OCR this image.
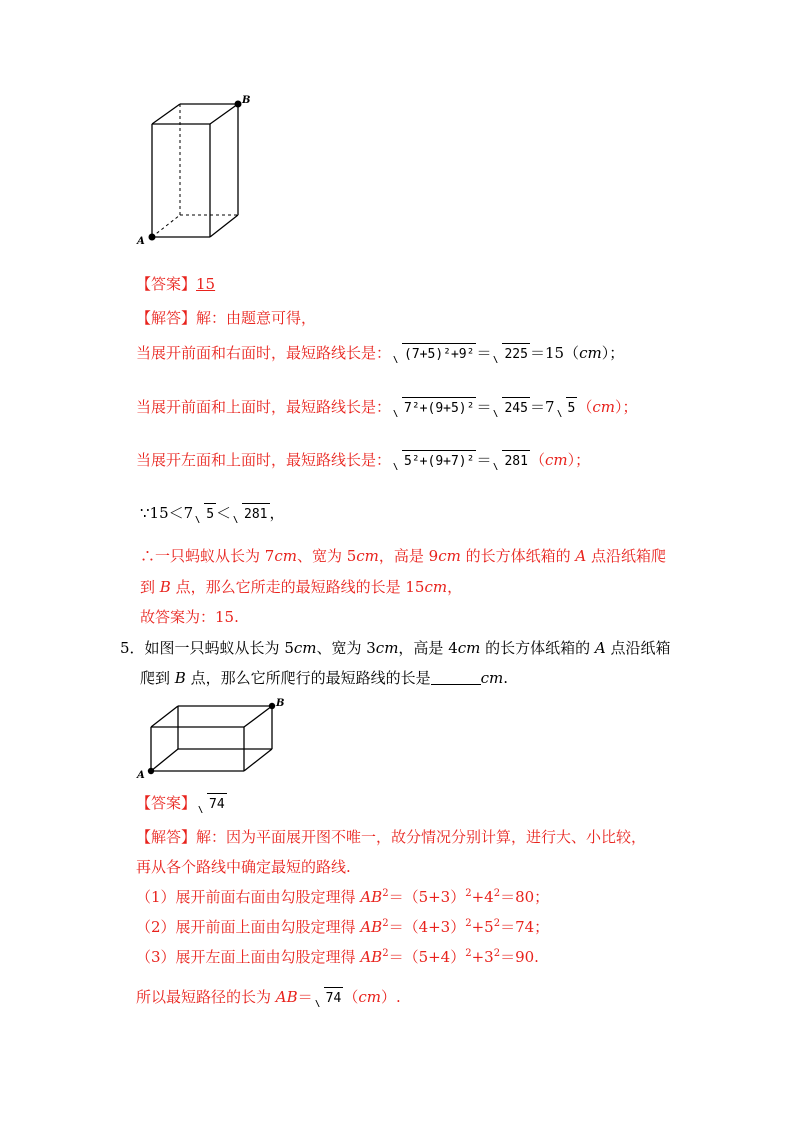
A
B
【答案】15
【解答】解：由题意可得，
当展开前面和右面时，最短路线长是： (7+5)²+9² ＝ 225 ＝15（cm）；
当展开前面和上面时，最短路线长是： 7²+(9+5)² ＝ 245 ＝7 5 （cm）；
当展开左面和上面时，最短路线长是： 5²+(9+7)² ＝ 281 （cm）；
∵15＜7 5 ＜ 281 ，
∴一只蚂蚁从长为 7cm、宽为 5cm，高是 9cm 的长方体纸箱的 A 点沿纸箱爬
到 B 点，那么它所走的最短路线的长是 15cm，
故答案为：15.
5．如图一只蚂蚁从长为 5cm、宽为 3cm，高是 4cm 的长方体纸箱的 A 点沿纸箱
爬到 B 点，那么它所爬行的最短路线的长是	cm.
A
B
【答案】 74
【解答】解：因为平面展开图不唯一，故分情况分别计算，进行大、小比较，
再从各个路线中确定最短的路线.
（1）展开前面右面由勾股定理得 $AB^2=(5+3)^2+4^2=80$；
（2）展开前面上面由勾股定理得 $AB^2=(4+3)^2+5^2=74$；
（3）展开左面上面由勾股定理得 $AB^2=(5+4)^2+3^2=90$.
所以最短路径的长为 AB＝ 74 （cm）.
